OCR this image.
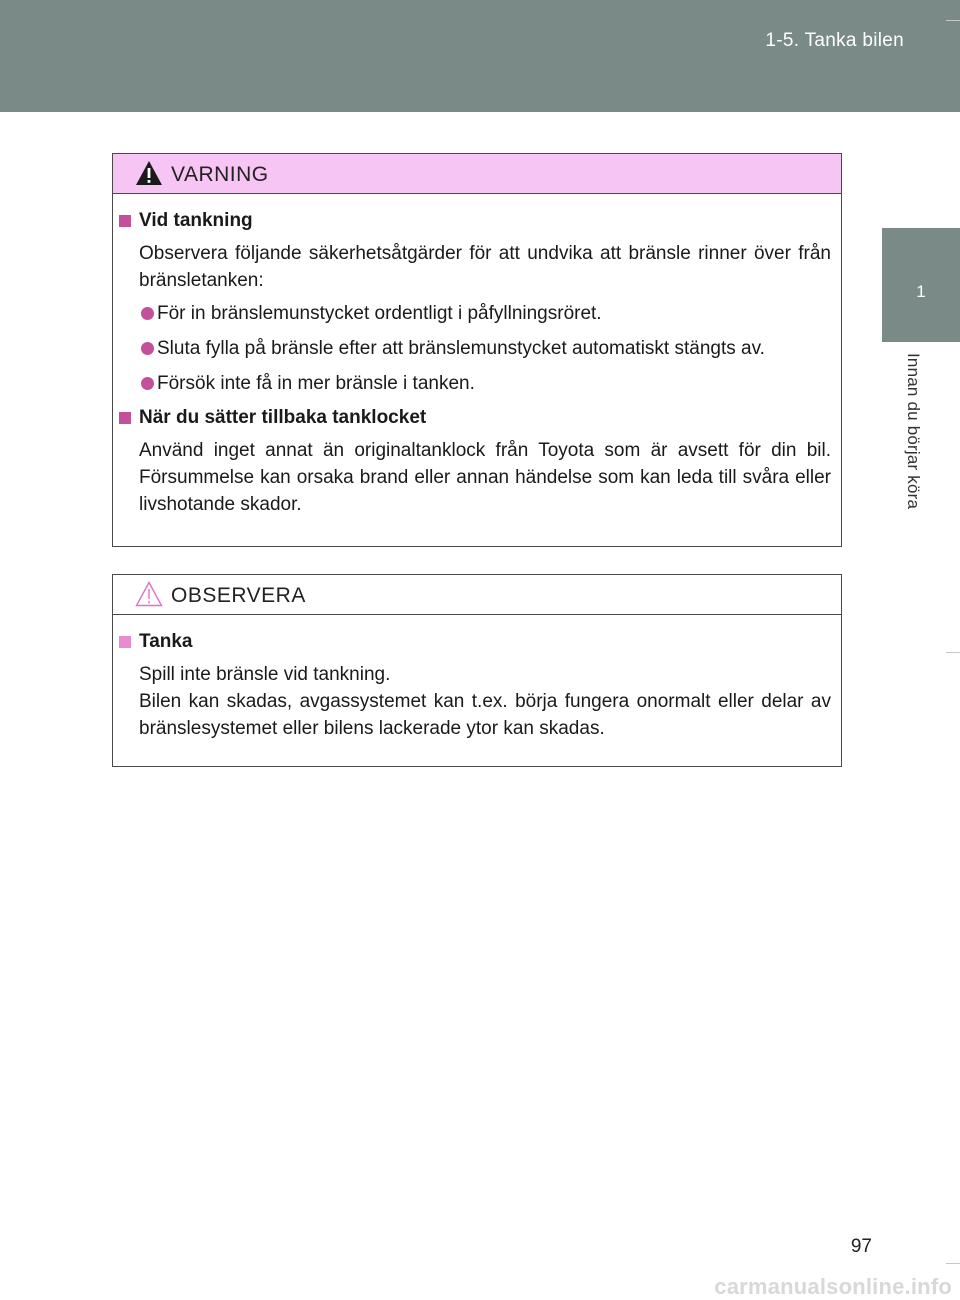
1-5. Tanka bilen
1
Innan du börjar köra
VARNING
Vid tankning
Observera följande säkerhetsåtgärder för att undvika att bränsle rinner över från bränsletanken:
För in bränslemunstycket ordentligt i påfyllningsröret.
Sluta fylla på bränsle efter att bränslemunstycket automatiskt stängts av.
Försök inte få in mer bränsle i tanken.
När du sätter tillbaka tanklocket
Använd inget annat än originaltanklock från Toyota som är avsett för din bil. Försummelse kan orsaka brand eller annan händelse som kan leda till svåra eller livshotande skador.
OBSERVERA
Tanka
Spill inte bränsle vid tankning.
Bilen kan skadas, avgassystemet kan t.ex. börja fungera onormalt eller delar av bränslesystemet eller bilens lackerade ytor kan skadas.
97
carmanualsonline.info
